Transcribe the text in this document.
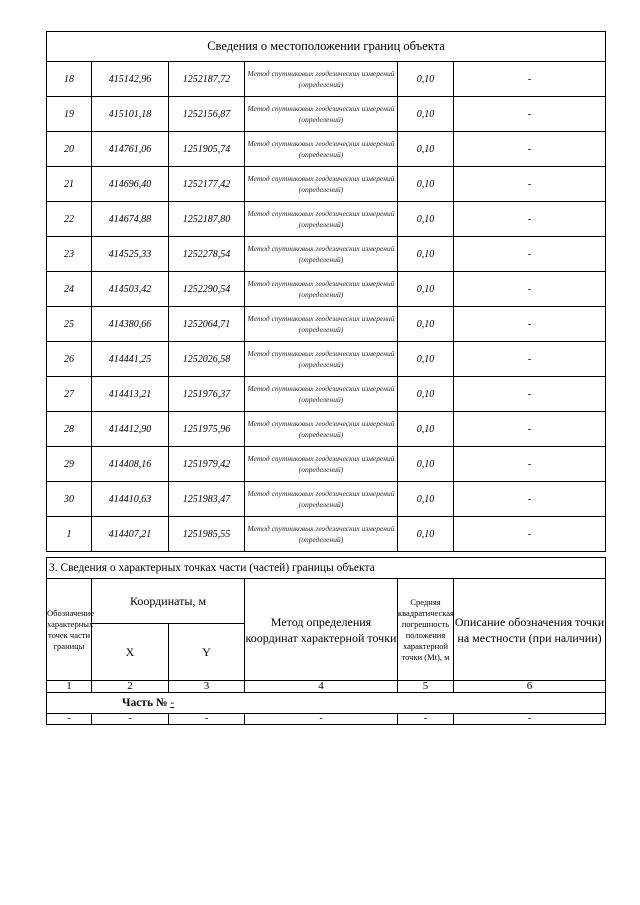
Сведения о местоположении границ объекта					
18	415142,96	1252187,72	Метод спутниковых геодезических измерений (определений)	0,10	-
19	415101,18	1252156,87	Метод спутниковых геодезических измерений (определений)	0,10	-
20	414761,06	1251905,74	Метод спутниковых геодезических измерений (определений)	0,10	-
21	414696,40	1252177,42	Метод спутниковых геодезических измерений (определений)	0,10	-
22	414674,88	1252187,80	Метод спутниковых геодезических измерений (определений)	0,10	-
23	414525,33	1252278,54	Метод спутниковых геодезических измерений (определений)	0,10	-
24	414503,42	1252290,54	Метод спутниковых геодезических измерений (определений)	0,10	-
25	414380,66	1252064,71	Метод спутниковых геодезических измерений (определений)	0,10	-
26	414441,25	1252026,58	Метод спутниковых геодезических измерений (определений)	0,10	-
27	414413,21	1251976,37	Метод спутниковых геодезических измерений (определений)	0,10	-
28	414412,90	1251975,96	Метод спутниковых геодезических измерений (определений)	0,10	-
29	414408,16	1251979,42	Метод спутниковых геодезических измерений (определений)	0,10	-
30	414410,63	1251983,47	Метод спутниковых геодезических измерений (определений)	0,10	-
1	414407,21	1251985,55	Метод спутниковых геодезических измерений (определений)	0,10	-
3. Сведения о характерных точках части (частей) границы объекта					
Обозначение характерных точек части границы	Координаты, м		Метод определения координат характерной точки	Средняя квадратическая погрешность положения характерной точки (Mt), м	Описание обозначения точки на местности (при наличии)
	X	Y			
1	2	3	4	5	6
Часть № -					
-	-	-	-	-	-
